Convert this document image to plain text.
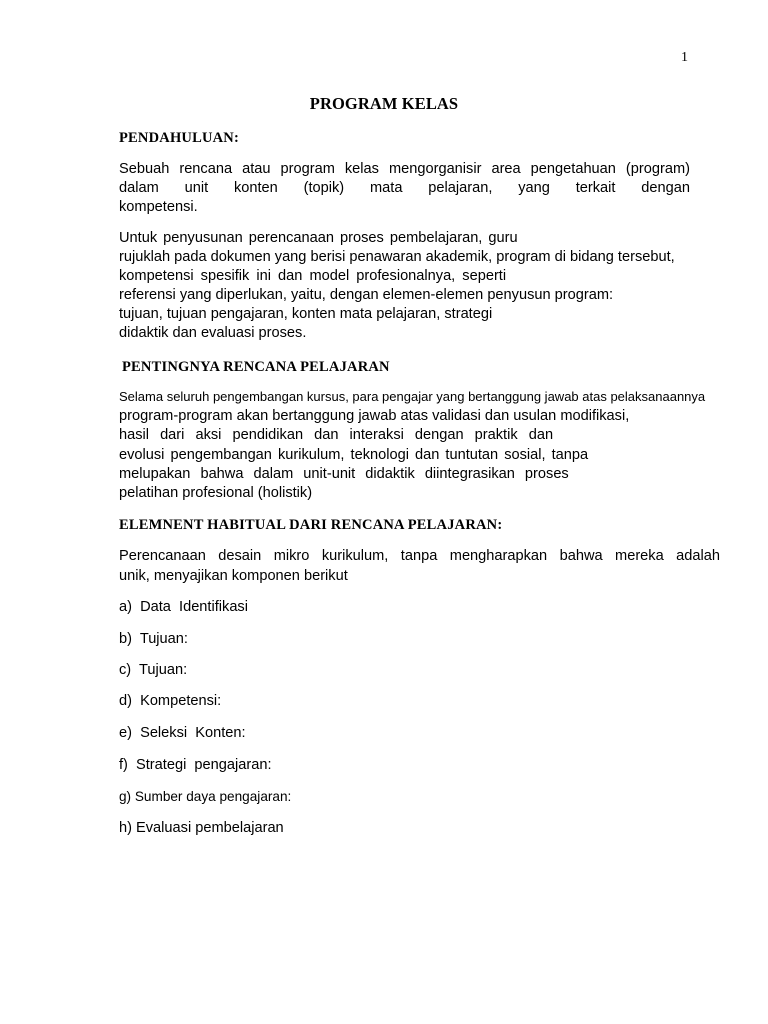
1
PROGRAM KELAS
PENDAHULUAN:
Sebuah rencana atau program kelas mengorganisir area pengetahuan (program)
dalam unit konten (topik) mata pelajaran, yang terkait dengan
kompetensi.
Untuk penyusunan perencanaan proses pembelajaran, guru
rujuklah pada dokumen yang berisi penawaran akademik, program di bidang tersebut,
kompetensi spesifik ini dan model profesionalnya, seperti
referensi yang diperlukan, yaitu, dengan elemen-elemen penyusun program:
tujuan, tujuan pengajaran, konten mata pelajaran, strategi
didaktik dan evaluasi proses.
PENTINGNYA RENCANA PELAJARAN
Selama seluruh pengembangan kursus, para pengajar yang bertanggung jawab atas pelaksanaannya
program-program akan bertanggung jawab atas validasi dan usulan modifikasi,
hasil dari aksi pendidikan dan interaksi dengan praktik dan
evolusi pengembangan kurikulum, teknologi dan tuntutan sosial, tanpa
melupakan bahwa dalam unit-unit didaktik diintegrasikan proses
pelatihan profesional (holistik)
ELEMNENT HABITUAL DARI RENCANA PELAJARAN:
Perencanaan desain mikro kurikulum, tanpa mengharapkan bahwa mereka adalah
unik, menyajikan komponen berikut
a)  Data  Identifikasi
b)  Tujuan:
c)  Tujuan:
d)  Kompetensi:
e)  Seleksi  Konten:
f)  Strategi  pengajaran:
g) Sumber daya pengajaran:
h) Evaluasi pembelajaran
